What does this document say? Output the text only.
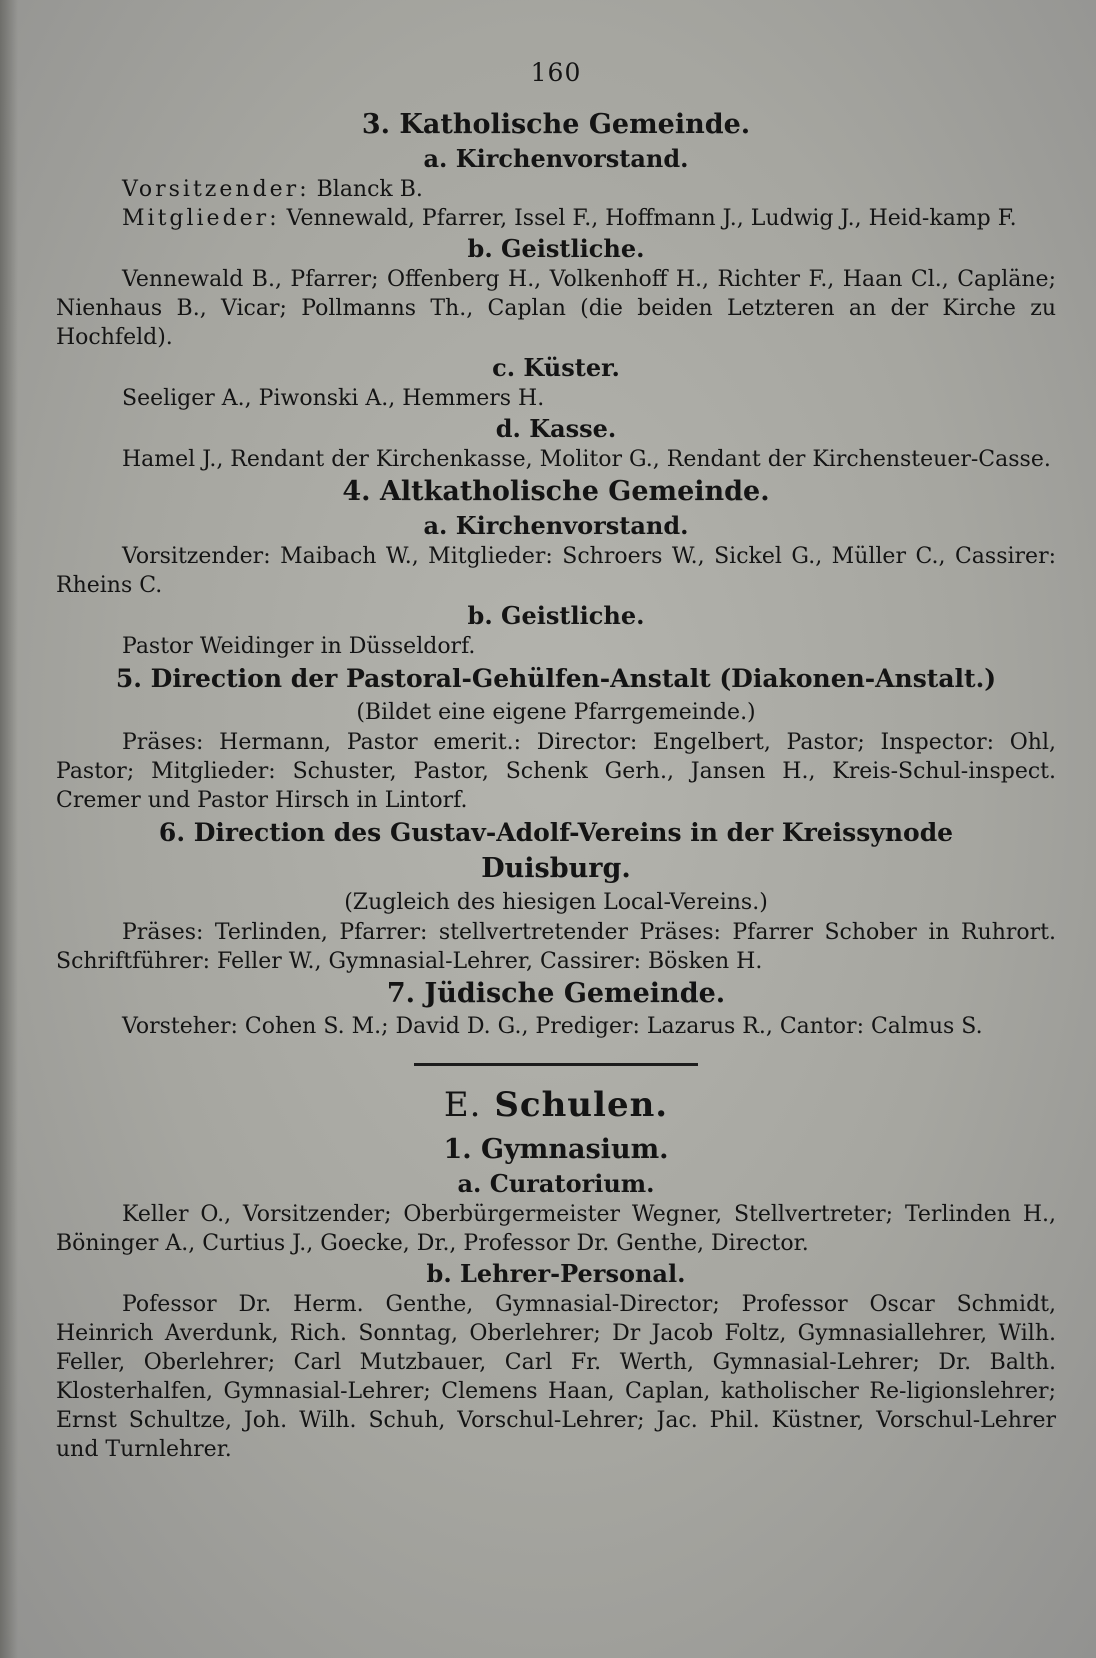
160
3. Katholische Gemeinde.
a. Kirchenvorstand.

Vorsitzender: Blanck B.

Mitglieder: Vennewald, Pfarrer, Issel F., Hoffmann J., Ludwig J., Heid-kamp F.

b. Geistliche.

Vennewald B., Pfarrer; Offenberg H., Volkenhoff H., Richter F., Haan Cl., Capläne; Nienhaus B., Vicar; Pollmanns Th., Caplan (die beiden Letzteren an der Kirche zu Hochfeld).

c. Küster.

Seeliger A., Piwonski A., Hemmers H.

d. Kasse.

Hamel J., Rendant der Kirchenkasse, Molitor G., Rendant der Kirchensteuer-Casse.

4. Altkatholische Gemeinde.
a. Kirchenvorstand.

Vorsitzender: Maibach W., Mitglieder: Schroers W., Sickel G., Müller C., Cassirer: Rheins C.

b. Geistliche.

Pastor Weidinger in Düsseldorf.

5. Direction der Pastoral-Gehülfen-Anstalt (Diakonen-Anstalt.)

(Bildet eine eigene Pfarrgemeinde.)

Präses: Hermann, Pastor emerit.: Director: Engelbert, Pastor; Inspector: Ohl, Pastor; Mitglieder: Schuster, Pastor, Schenk Gerh., Jansen H., Kreis-Schul-inspect. Cremer und Pastor Hirsch in Lintorf.

6. Direction des Gustav-Adolf-Vereins in der Kreissynode
Duisburg.

(Zugleich des hiesigen Local-Vereins.)

Präses: Terlinden, Pfarrer: stellvertretender Präses: Pfarrer Schober in Ruhrort. Schriftführer: Feller W., Gymnasial-Lehrer, Cassirer: Bösken H.

7. Jüdische Gemeinde.

Vorsteher: Cohen S. M.; David D. G., Prediger: Lazarus R., Cantor: Calmus S.

E. Schulen.
1. Gymnasium.
a. Curatorium.

Keller O., Vorsitzender; Oberbürgermeister Wegner, Stellvertreter; Terlinden H., Böninger A., Curtius J., Goecke, Dr., Professor Dr. Genthe, Director.

b. Lehrer-Personal.

Pofessor Dr. Herm. Genthe, Gymnasial-Director; Professor Oscar Schmidt, Heinrich Averdunk, Rich. Sonntag, Oberlehrer; Dr Jacob Foltz, Gymnasiallehrer, Wilh. Feller, Oberlehrer; Carl Mutzbauer, Carl Fr. Werth, Gymnasial-Lehrer; Dr. Balth. Klosterhalfen, Gymnasial-Lehrer; Clemens Haan, Caplan, katholischer Re-ligionslehrer; Ernst Schultze, Joh. Wilh. Schuh, Vorschul-Lehrer; Jac. Phil. Küstner, Vorschul-Lehrer und Turnlehrer.
